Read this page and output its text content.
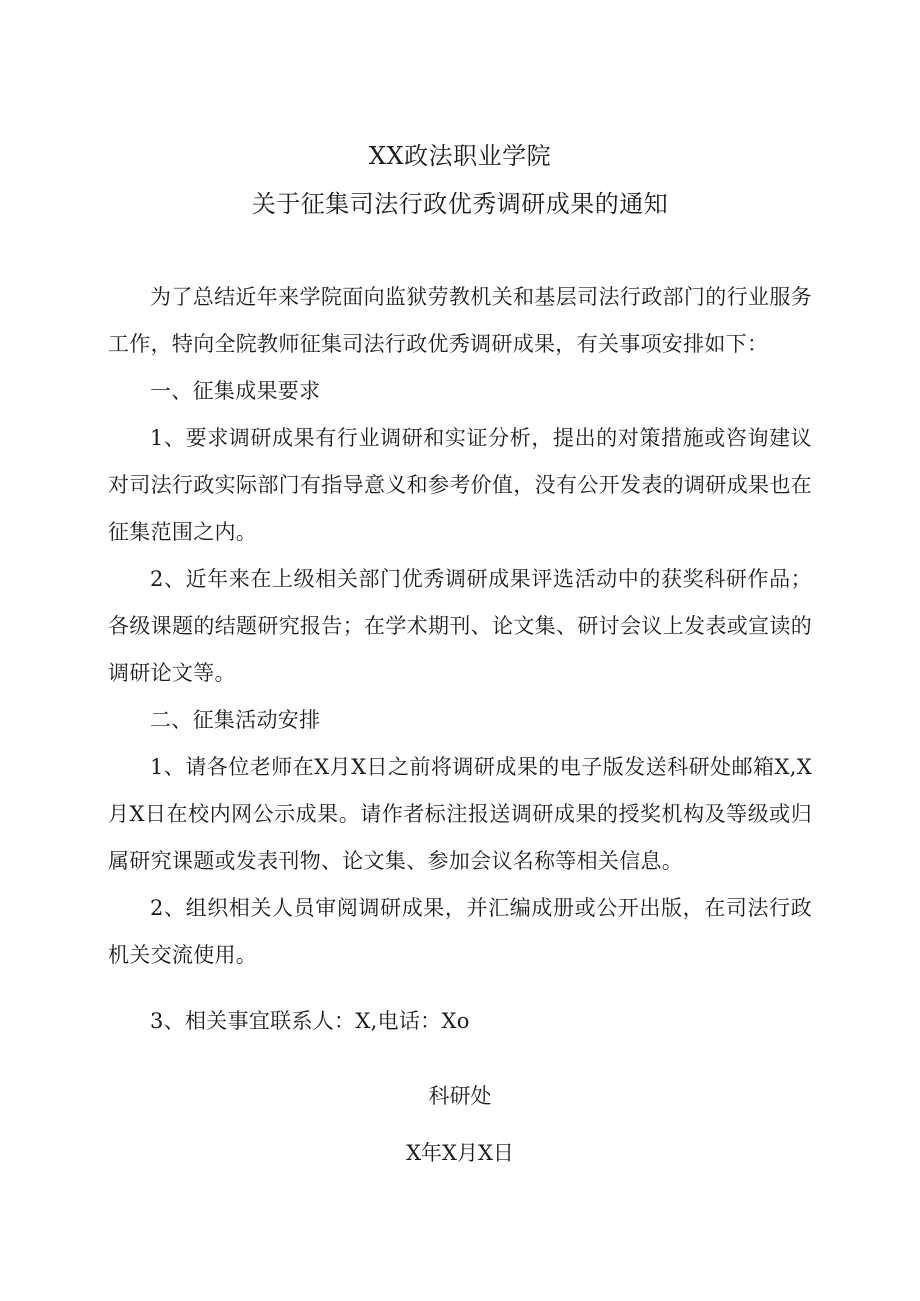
XX政法职业学院
关于征集司法行政优秀调研成果的通知

为了总结近年来学院面向监狱劳教机关和基层司法行政部门的行业服务工作，特向全院教师征集司法行政优秀调研成果，有关事项安排如下：

一、征集成果要求

1、要求调研成果有行业调研和实证分析，提出的对策措施或咨询建议对司法行政实际部门有指导意义和参考价值，没有公开发表的调研成果也在征集范围之内。

2、近年来在上级相关部门优秀调研成果评选活动中的获奖科研作品；各级课题的结题研究报告；在学术期刊、论文集、研讨会议上发表或宣读的调研论文等。

二、征集活动安排

1、请各位老师在X月X日之前将调研成果的电子版发送科研处邮箱X,X月X日在校内网公示成果。请作者标注报送调研成果的授奖机构及等级或归属研究课题或发表刊物、论文集、参加会议名称等相关信息。

2、组织相关人员审阅调研成果，并汇编成册或公开出版，在司法行政机关交流使用。

3、相关事宜联系人：X,电话：Xo

科研处

X年X月X日
